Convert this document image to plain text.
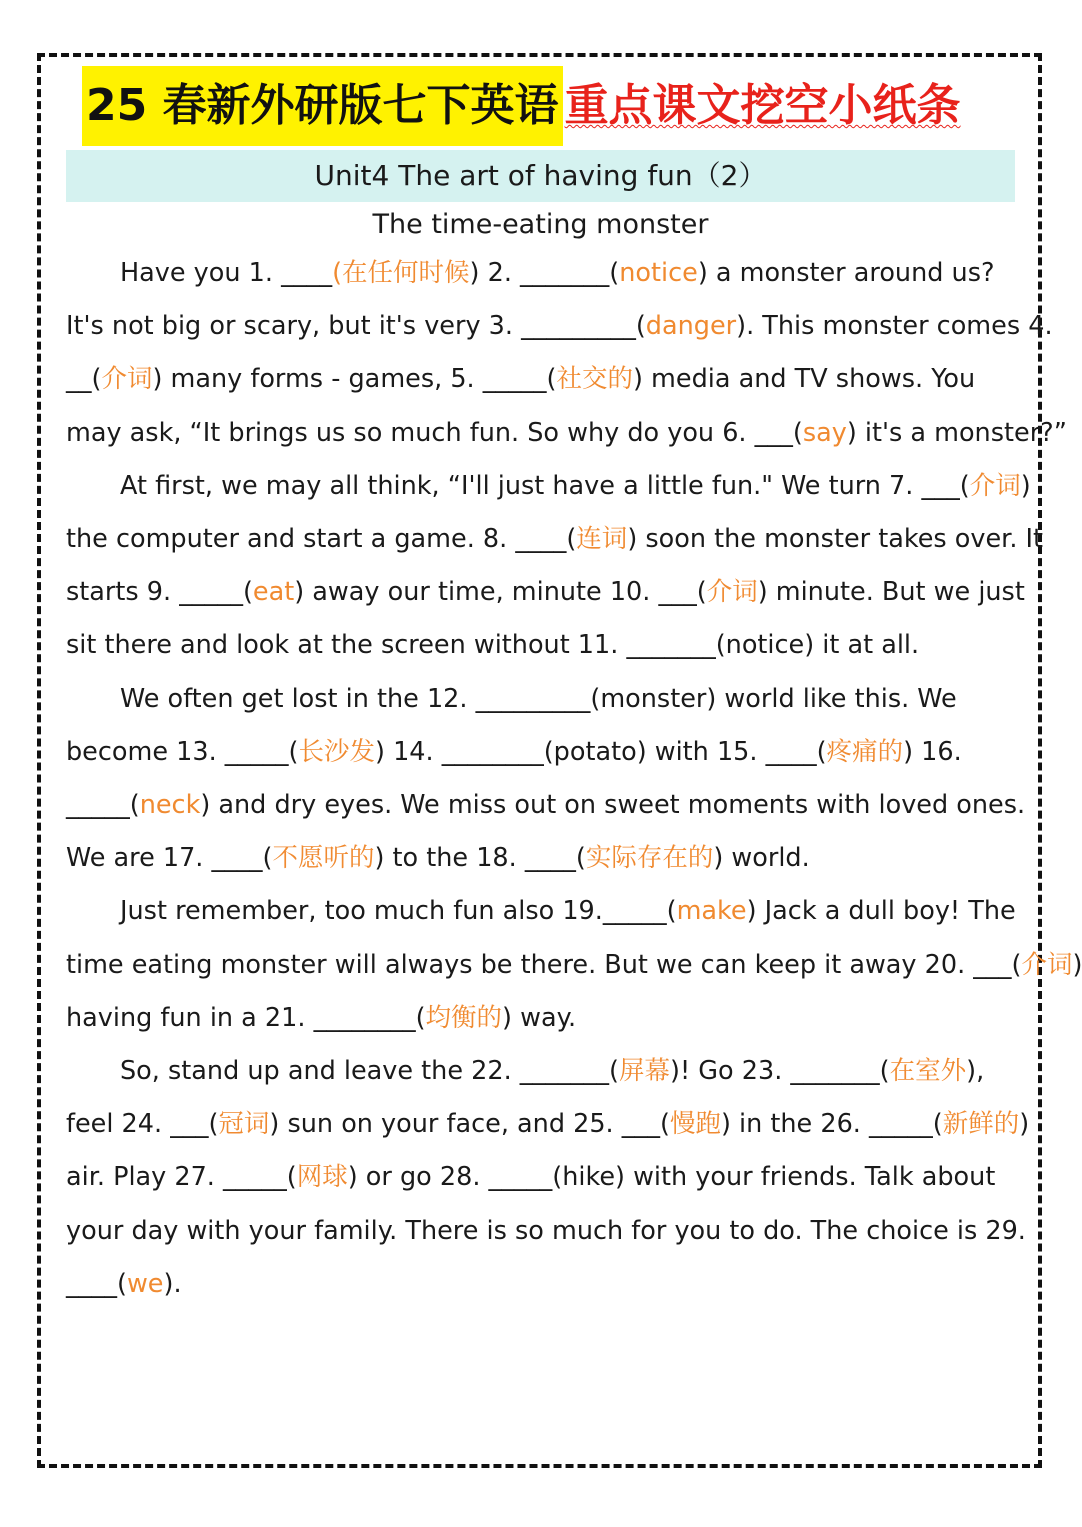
25 春新外研版七下英语 重点课文挖空小纸条
Unit4 The art of having fun（2）
The time-eating monster
Have you 1. ____(在任何时候) 2. _______(notice) a monster around us?
It's not big or scary, but it's very 3. _________(danger). This monster comes 4.
__(介词) many forms - games, 5. _____(社交的) media and TV shows. You
may ask, “It brings us so much fun. So why do you 6. ___(say) it's a monster?”
At first, we may all think, “I'll just have a little fun." We turn 7. ___(介词)
the computer and start a game. 8. ____(连词) soon the monster takes over. It
starts 9. _____(eat) away our time, minute 10. ___(介词) minute. But we just
sit there and look at the screen without 11. _______(notice) it at all.
We often get lost in the 12. _________(monster) world like this. We
become 13. _____(长沙发) 14. ________(potato) with 15. ____(疼痛的) 16.
_____(neck) and dry eyes. We miss out on sweet moments with loved ones.
We are 17. ____(不愿听的) to the 18. ____(实际存在的) world.
Just remember, too much fun also 19._____(make) Jack a dull boy! The
time eating monster will always be there. But we can keep it away 20. ___(介词)
having fun in a 21. ________(均衡的) way.
So, stand up and leave the 22. _______(屏幕)! Go 23. _______(在室外),
feel 24. ___(冠词) sun on your face, and 25. ___(慢跑) in the 26. _____(新鲜的)
air. Play 27. _____(网球) or go 28. _____(hike) with your friends. Talk about
your day with your family. There is so much for you to do. The choice is 29.
____(we).
